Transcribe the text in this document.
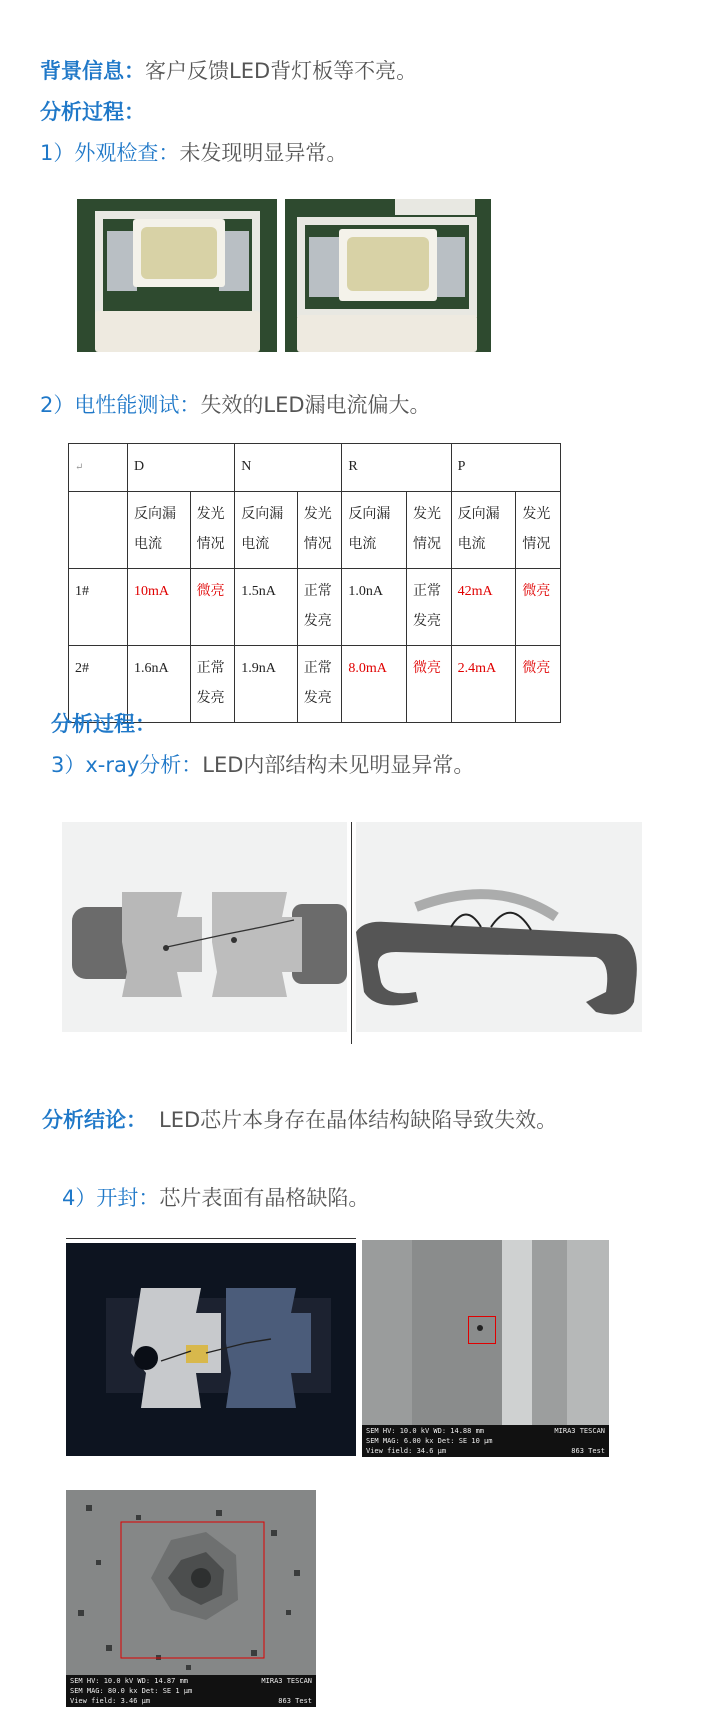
背景信息：客户反馈LED背灯板等不亮。
分析过程：
1）外观检查：未发现明显异常。
2）电性能测试：失效的LED漏电流偏大。
↵	D		N		R		P	
	反向漏电流	发光情况	反向漏电流	发光情况	反向漏电流	发光情况	反向漏电流	发光情况
1#	10mA	微亮	1.5nA	正常发亮	1.0nA	正常发亮	42mA	微亮
2#	1.6nA	正常发亮	1.9nA	正常发亮	8.0mA	微亮	2.4mA	微亮
分析过程：
3）x-ray分析：LED内部结构未见明显异常。
分析结论： LED芯片本身存在晶体结构缺陷导致失效。
4）开封：芯片表面有晶格缺陷。
SEM HV: 10.0 kV WD: 14.88 mm
SEM MAG: 6.00 kx Det: SE 10 μm
View field: 34.6 μm
MIRA3 TESCAN
863 Test
SEM HV: 10.0 kV WD: 14.87 mm
SEM MAG: 80.0 kx Det: SE 1 μm
View field: 3.46 μm
MIRA3 TESCAN
863 Test
